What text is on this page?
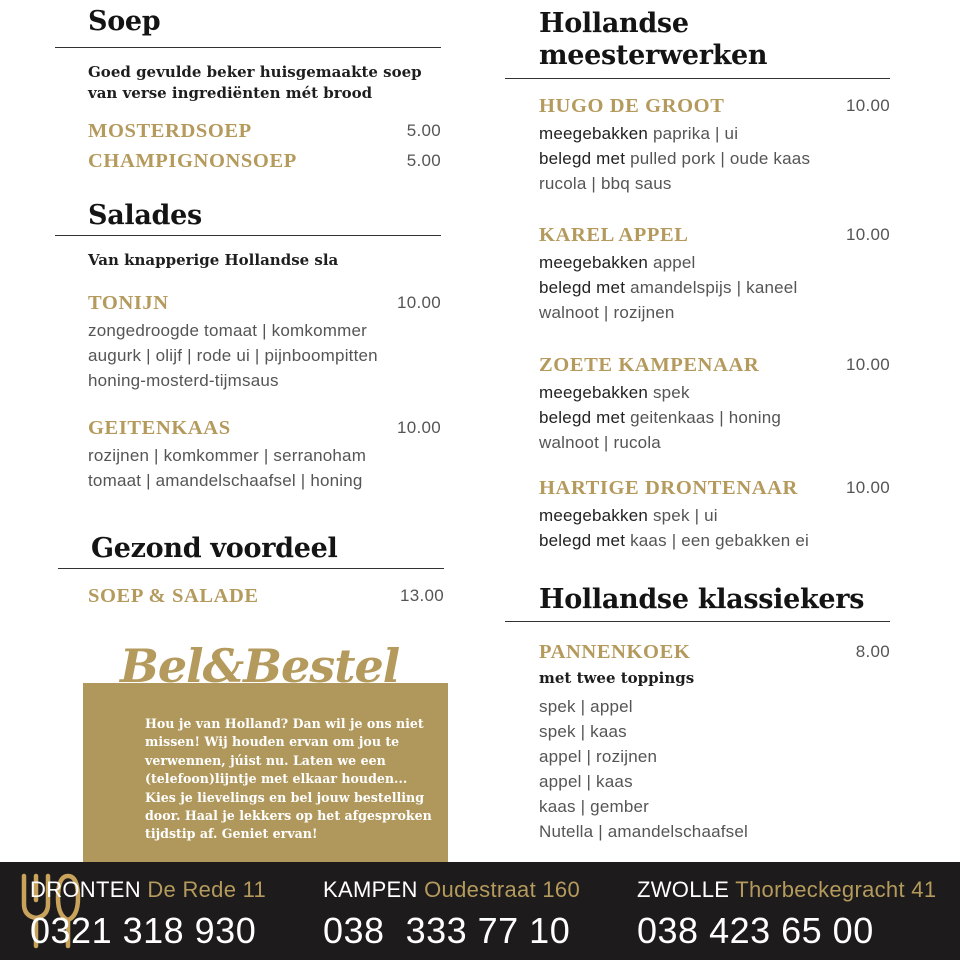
Soep

Goed gevulde beker huisgemaakte soep

van verse ingrediënten mét brood

MOSTERDSOEP	5.00
CHAMPIGNONSOEP	5.00
Salades

Van knapperige Hollandse sla

TONIJN	10.00
zongedroogde tomaat | komkommer
augurk | olijf | rode ui | pijnboompitten
honing-mosterd-tijmsaus
GEITENKAAS	10.00
rozijnen | komkommer | serranoham
tomaat | amandelschaafsel | honing
Gezond voordeel
SOEP & SALADE	13.00
Hou je van Holland? Dan wil je ons niet missen! Wij houden ervan om jou te verwennen, júist nu. Laten we een (telefoon)lijntje met elkaar houden... Kies je lievelings en bel jouw bestelling door. Haal je lekkers op het afgesproken tijdstip af. Geniet ervan!
Bel&Bestel
Hollandse
meesterwerken
HUGO DE GROOT	10.00
meegebakken paprika | ui
belegd met pulled pork | oude kaas
rucola | bbq saus
KAREL APPEL	10.00
meegebakken appel
belegd met amandelspijs | kaneel
walnoot | rozijnen
ZOETE KAMPENAAR	10.00
meegebakken spek
belegd met geitenkaas | honing
walnoot | rucola
HARTIGE DRONTENAAR	10.00
meegebakken spek | ui
belegd met kaas | een gebakken ei
Hollandse klassiekers
PANNENKOEK	8.00
met twee toppings
spek | appel
spek | kaas
appel | rozijnen
appel | kaas
kaas | gember
Nutella | amandelschaafsel
DRONTEN De Rede 11
0321 318 930
KAMPEN Oudestraat 160
038  333 77 10
ZWOLLE Thorbeckegracht 41
038 423 65 00
